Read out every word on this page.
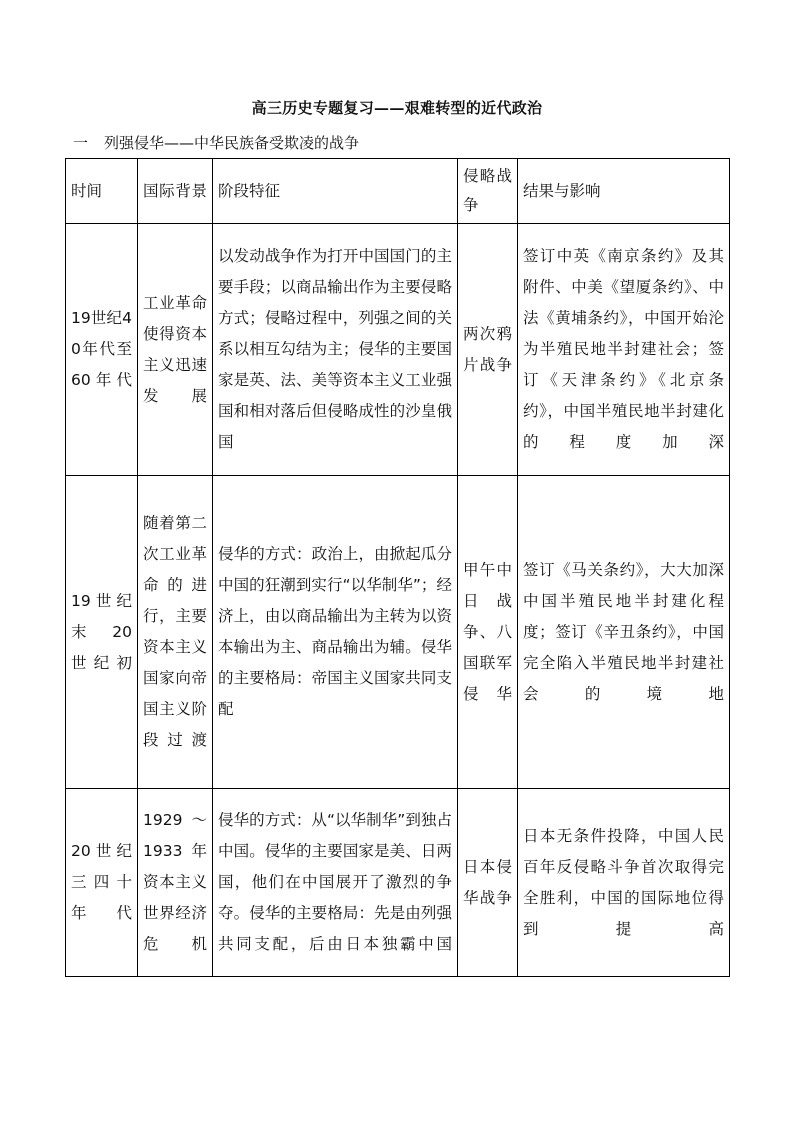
高三历史专题复习——艰难转型的近代政治
一 列强侵华——中华民族备受欺凌的战争
时间	国际背景	阶段特征	侵略战争	结果与影响
19世纪40年代至　60年代	工业革命使得资本主义迅速发展	以发动战争作为打开中国国门的主要手段；以商品输出作为主要侵略方式；侵略过程中，列强之间的关系以相互勾结为主；侵华的主要国家是英、法、美等资本主义工业强国和相对落后但侵略成性的沙皇俄国	两次鸦片战争	签订中英《南京条约》及其附件、中美《望厦条约》、中法《黄埔条约》，中国开始沦为半殖民地半封建社会；签订《天津条约》《北京条约》，中国半殖民地半封建化的程度加深
19世纪末　20世纪初	随着第二次工业革命的进行，主要资本主义国家向帝国主义阶段过渡	侵华的方式：政治上，由掀起瓜分中国的狂潮到实行“以华制华”；经济上，由以商品输出为主转为以资本输出为主、商品输出为辅。侵华的主要格局：帝国主义国家共同支配	甲午中日战争、八国联军侵华	签订《马关条约》，大大加深中国半殖民地半封建化程度；签订《辛丑条约》，中国完全陷入半殖民地半封建社会的境地
20世纪三四十年代	1929～1933年资本主义世界经济危机	侵华的方式：从“以华制华”到独占中国。侵华的主要国家是美、日两国，他们在中国展开了激烈的争夺。侵华的主要格局：先是由列强共同支配，后由日本独霸中国	日本侵华战争	日本无条件投降，中国人民百年反侵略斗争首次取得完全胜利，中国的国际地位得到提高
